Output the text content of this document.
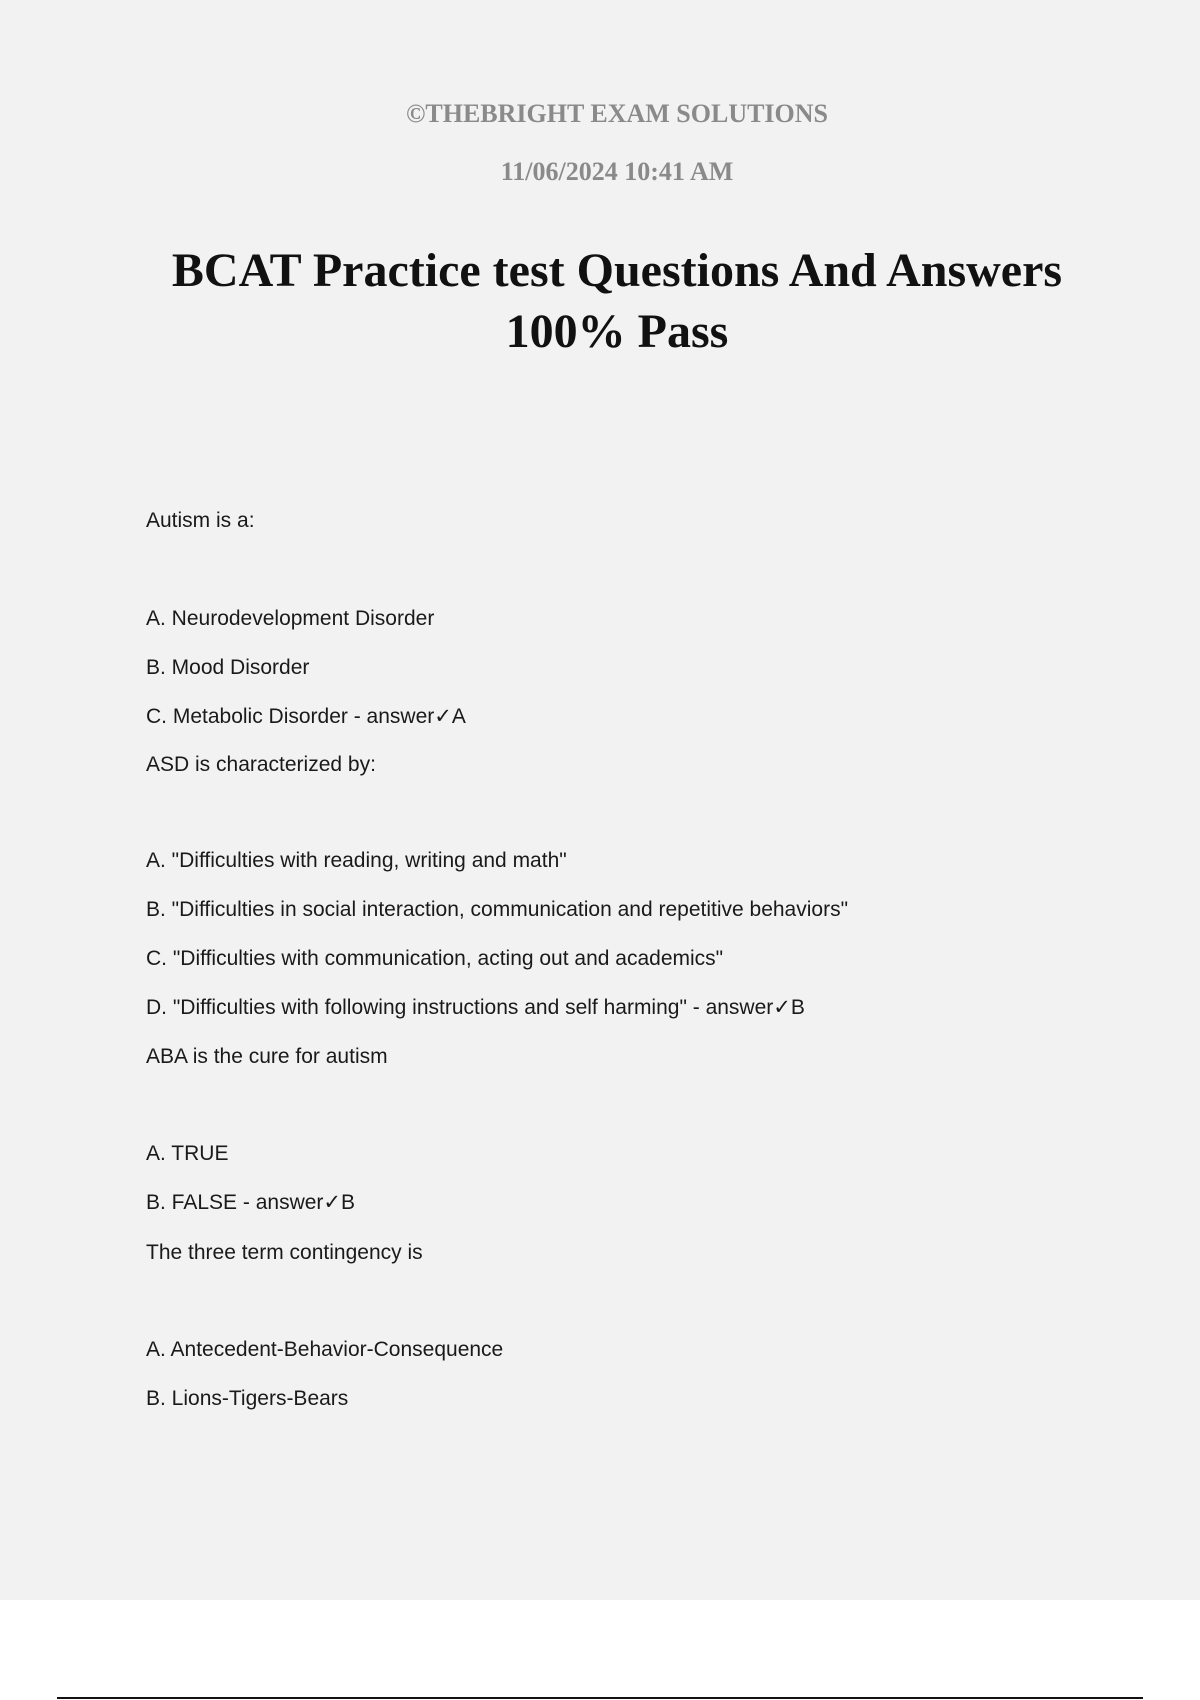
©THEBRIGHT EXAM SOLUTIONS
11/06/2024 10:41 AM
BCAT Practice test Questions And Answers
100% Pass
Autism is a:
A. Neurodevelopment Disorder
B. Mood Disorder
C. Metabolic Disorder - answer✓A
ASD is characterized by:
A. "Difficulties with reading, writing and math"
B. "Difficulties in social interaction, communication and repetitive behaviors"
C. "Difficulties with communication, acting out and academics"
D. "Difficulties with following instructions and self harming" - answer✓B
ABA is the cure for autism
A. TRUE
B. FALSE - answer✓B
The three term contingency is
A. Antecedent-Behavior-Consequence
B. Lions-Tigers-Bears
